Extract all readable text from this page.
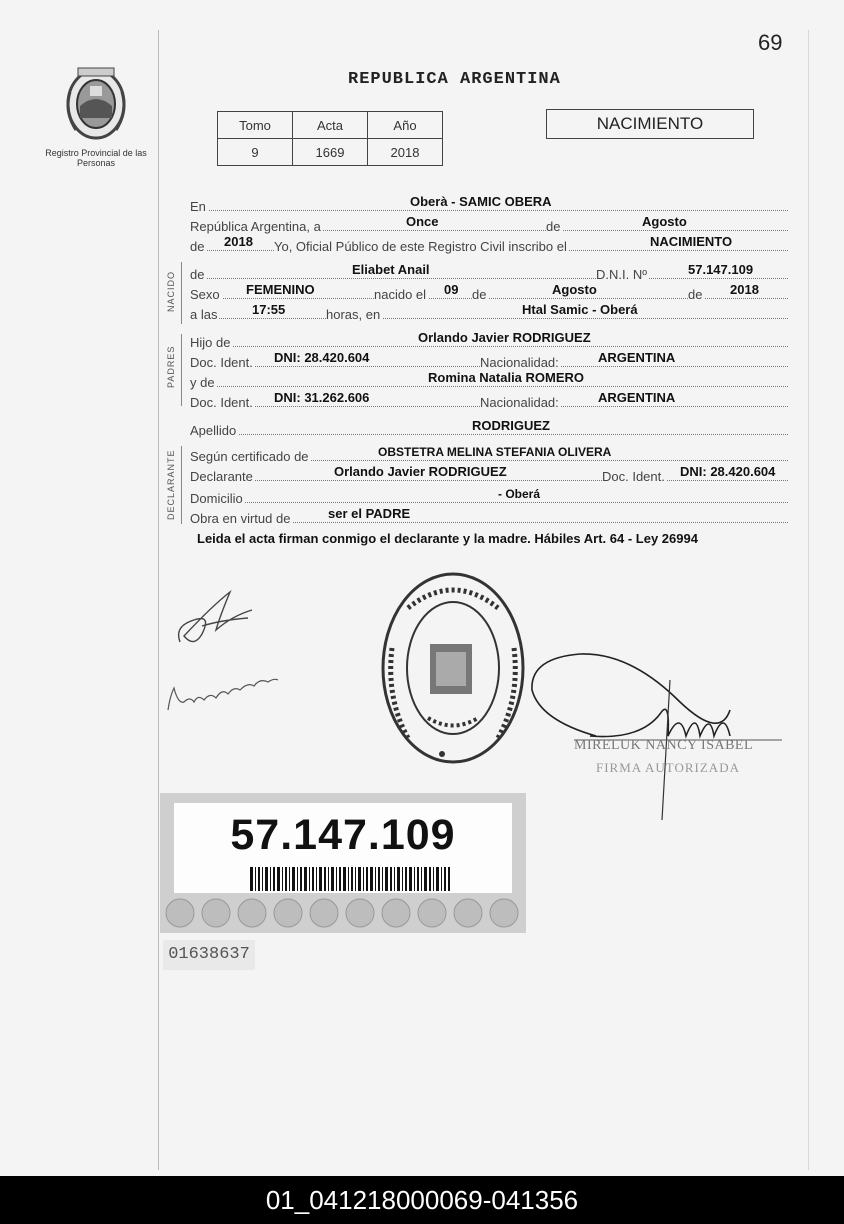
69
Registro Provincial de las Personas
REPUBLICA ARGENTINA
Tomo	Acta	Año
9	1669	2018
NACIMIENTO
En	Oberà - SAMIC OBERA
República Argentina, a	Once	de	Agosto
de 2018 Yo, Oficial Público de este Registro Civil inscribo el	NACIMIENTO
NACIDO de	Eliabet Anail	D.N.I. Nº	57.147.109
Sexo FEMENINO	nacido el 09 de	Agosto	de 2018
a las	17:55	horas, en	Htal Samic - Oberá
PADRES
Hijo de	Orlando Javier RODRIGUEZ
Doc. Ident. DNI: 28.420.604	Nacionalidad:	ARGENTINA
y de	Romina Natalia ROMERO
Doc. Ident. DNI: 31.262.606	Nacionalidad:	ARGENTINA
Apellido	RODRIGUEZ
DECLARANTE Según certificado de	OBSTETRA MELINA STEFANIA OLIVERA
Declarante	Orlando Javier RODRIGUEZ	Doc. Ident. DNI: 28.420.604
Domicilio	- Oberá
Obra en virtud de	ser el PADRE
Leida el acta firman conmigo el declarante y la madre. Hábiles Art. 64 - Ley 26994
MIRELUK NANCY ISABEL
FIRMA AUTORIZADA
57.147.109
01638637
01_041218000069-041356
